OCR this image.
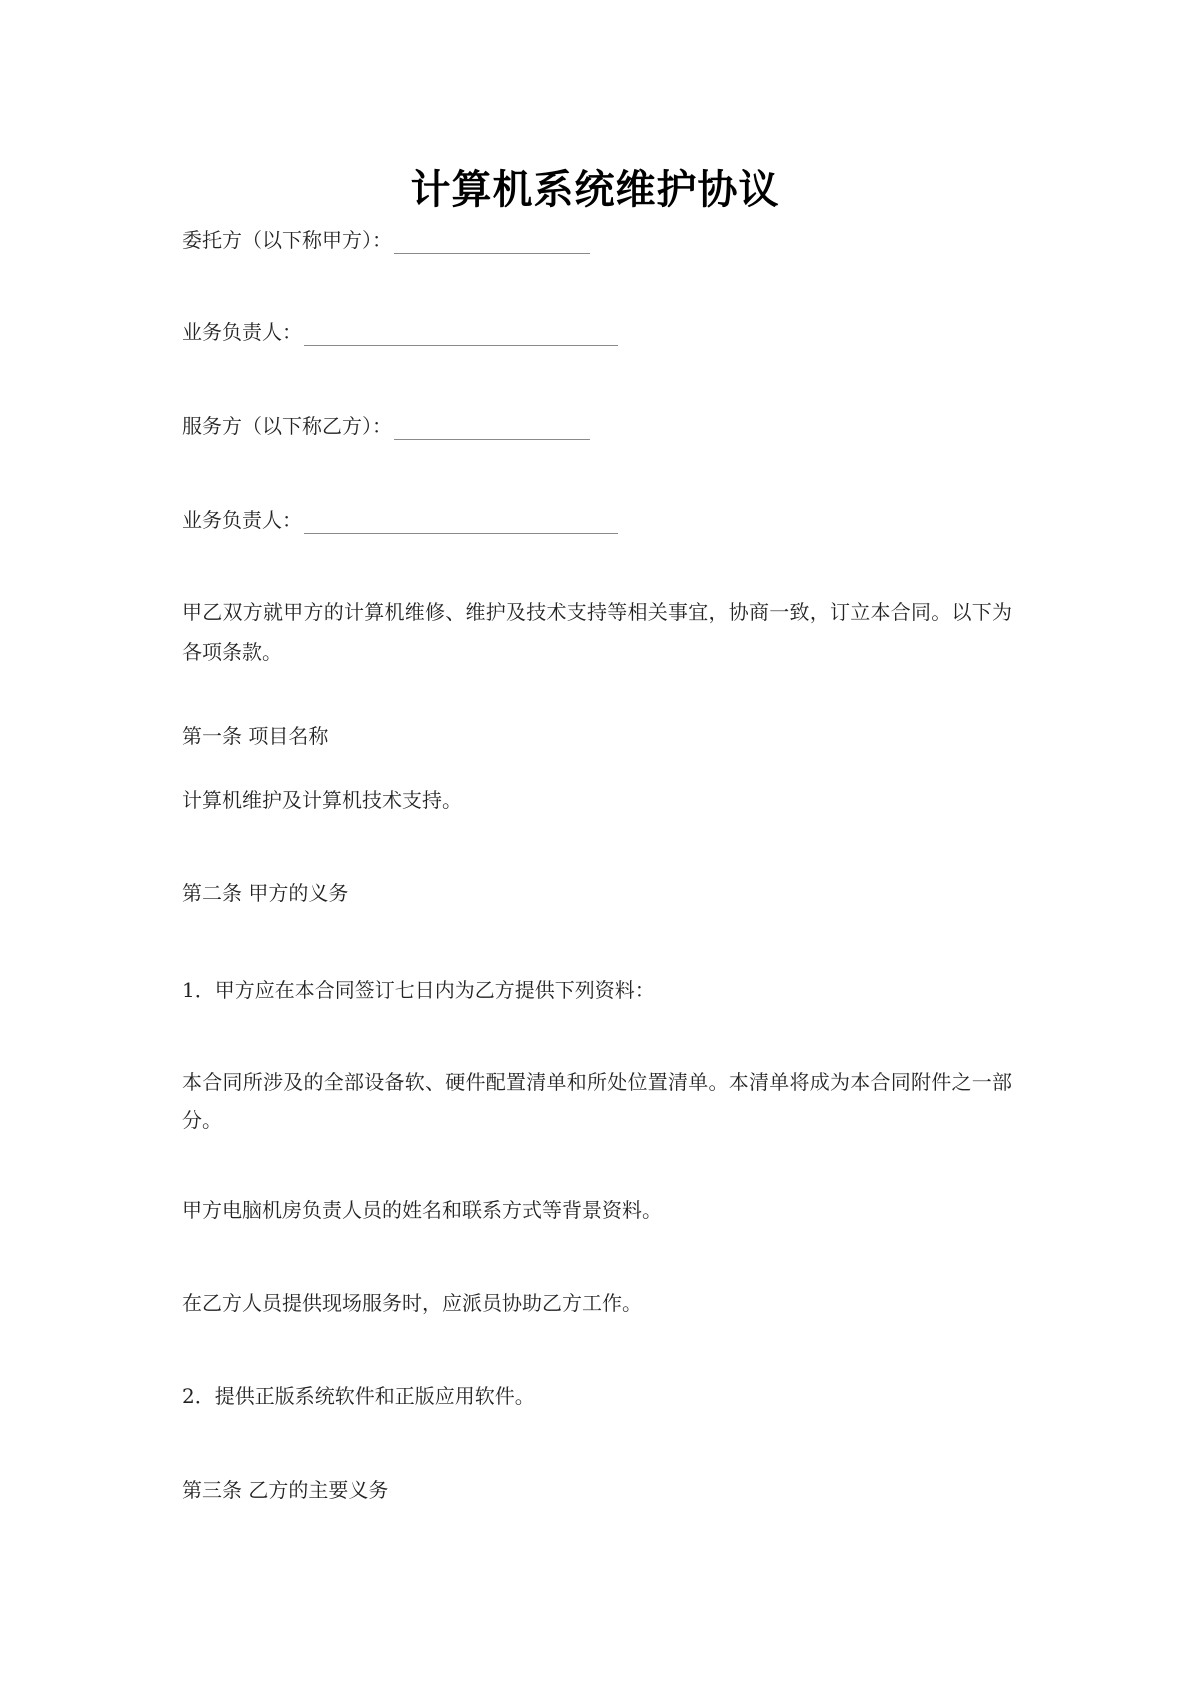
计算机系统维护协议
委托方（以下称甲方）：
业务负责人：
服务方（以下称乙方）：
业务负责人：
甲乙双方就甲方的计算机维修、维护及技术支持等相关事宜，协商一致，订立本合同。以下为各项条款。
第一条 项目名称
计算机维护及计算机技术支持。
第二条 甲方的义务
1．甲方应在本合同签订七日内为乙方提供下列资料：
本合同所涉及的全部设备软、硬件配置清单和所处位置清单。本清单将成为本合同附件之一部分。
甲方电脑机房负责人员的姓名和联系方式等背景资料。
在乙方人员提供现场服务时，应派员协助乙方工作。
2．提供正版系统软件和正版应用软件。
第三条 乙方的主要义务
